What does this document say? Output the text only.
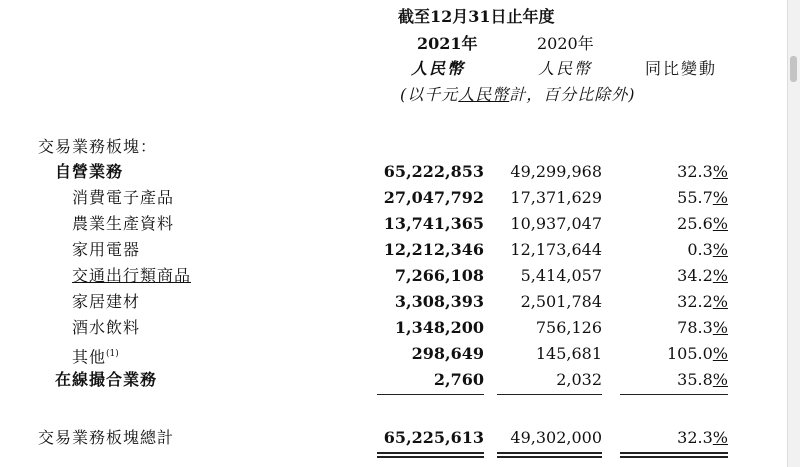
截至12月31日止年度
2021年	2020年
人民幣	人民幣	同比變動
(以千元人民幣計，百分比除外)
交易業務板塊：
自營業務	65,222,853	49,299,968	32.3%
消費電子產品	27,047,792	17,371,629	55.7%
農業生產資料	13,741,365	10,937,047	25.6%
家用電器	12,212,346	12,173,644	0.3%
交通出行類商品	7,266,108	5,414,057	34.2%
家居建材	3,308,393	2,501,784	32.2%
酒水飲料	1,348,200	756,126	78.3%
其他$^{(1)}$	298,649	145,681	105.0%
在線撮合業務	2,760	2,032	35.8%
交易業務板塊總計	65,225,613	49,302,000	32.3%
